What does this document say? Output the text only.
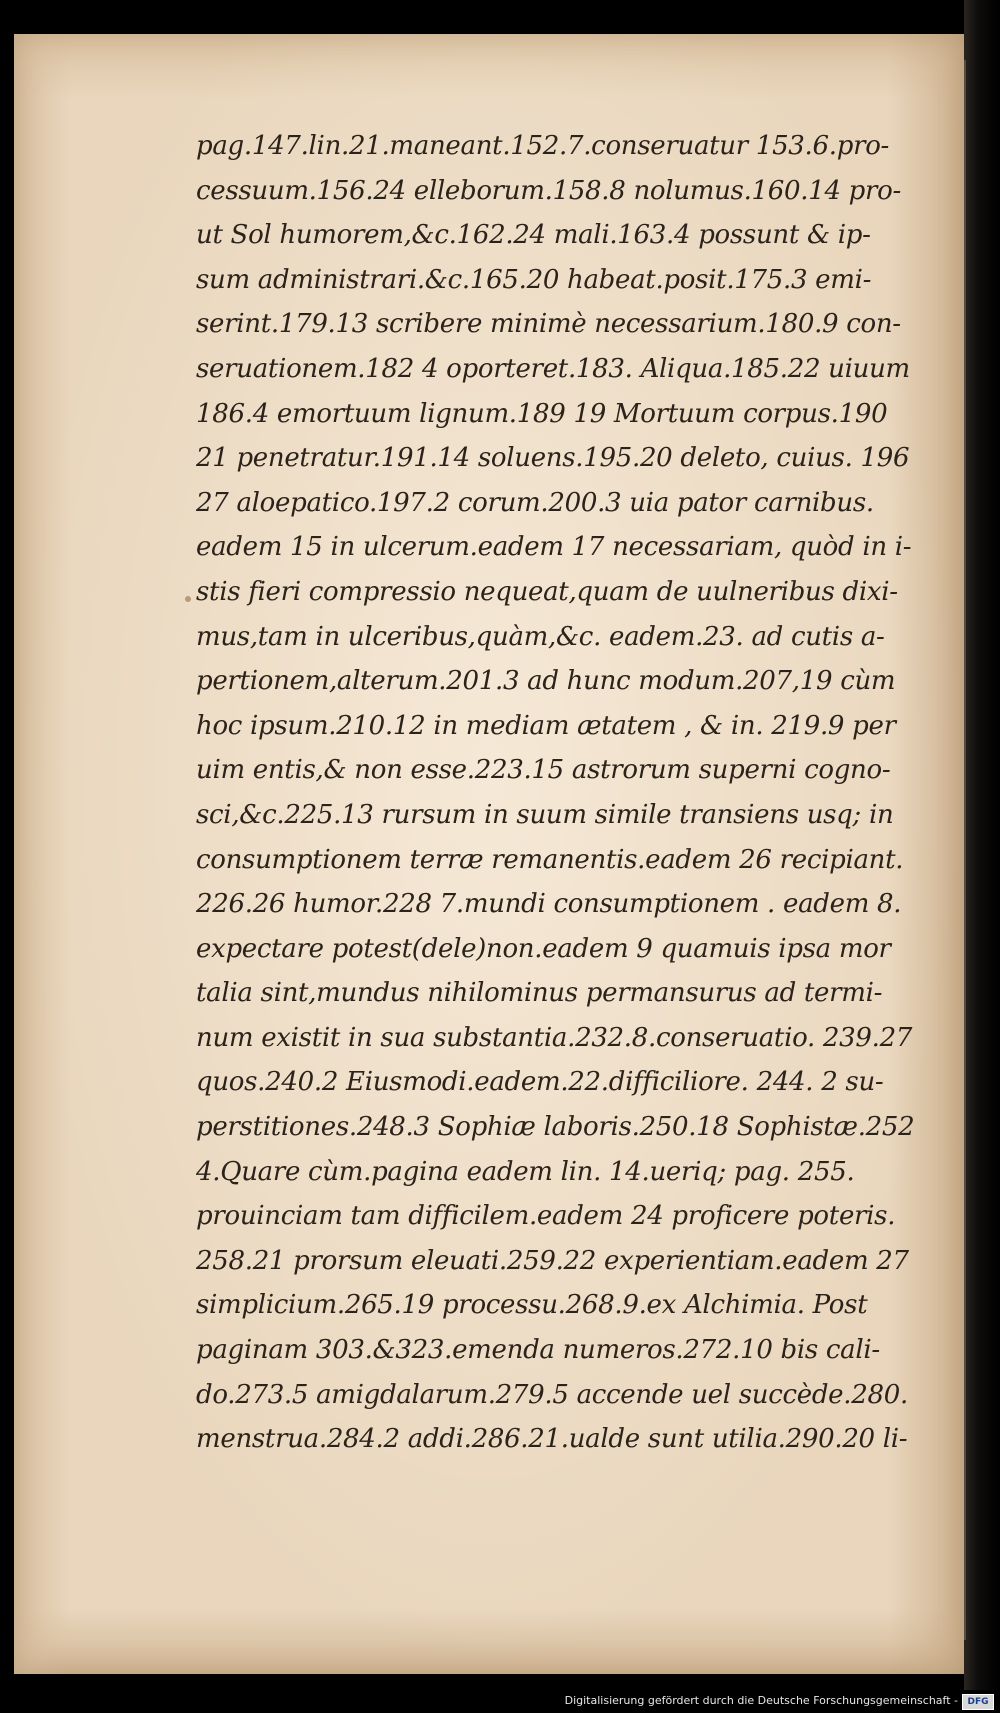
pag.147.lin.21.maneant.152.7.conseruatur 153.6.pro-
cessuum.156.24 elleborum.158.8 nolumus.160.14 pro-
ut Sol humorem,&c.162.24 mali.163.4 possunt & ip-
sum administrari.&c.165.20 habeat.posit.175.3 emi-
serint.179.13 scribere minimè necessarium.180.9 con-
seruationem.182 4 oporteret.183. Aliqua.185.22 uiuum
186.4 emortuum lignum.189 19 Mortuum corpus.190
21 penetratur.191.14 soluens.195.20 deleto, cuius. 196
27 aloepatico.197.2 corum.200.3 uia pator carnibus.
eadem 15 in ulcerum.eadem 17 necessariam, quòd in i-
stis fieri compressio nequeat,quam de uulneribus dixi-
mus,tam in ulceribus,quàm,&c. eadem.23. ad cutis a-
pertionem,alterum.201.3 ad hunc modum.207,19 cùm
hoc ipsum.210.12 in mediam ætatem , & in. 219.9 per
uim entis,& non esse.223.15 astrorum superni cogno-
sci,&c.225.13 rursum in suum simile transiens usq; in
consumptionem terræ remanentis.eadem 26 recipiant.
226.26 humor.228 7.mundi consumptionem . eadem 8.
expectare potest(dele)non.eadem 9 quamuis ipsa mor
talia sint,mundus nihilominus permansurus ad termi-
num existit in sua substantia.232.8.conseruatio. 239.27
quos.240.2 Eiusmodi.eadem.22.difficiliore. 244. 2 su-
perstitiones.248.3 Sophiæ laboris.250.18 Sophistæ.252
4.Quare cùm.pagina eadem lin. 14.ueriq; pag. 255.
prouinciam tam difficilem.eadem 24 proficere poteris.
258.21 prorsum eleuati.259.22 experientiam.eadem 27
simplicium.265.19 processu.268.9.ex Alchimia. Post
paginam 303.&323.emenda numeros.272.10 bis cali-
do.273.5 amigdalarum.279.5 accende uel succède.280.
menstrua.284.2 addi.286.21.ualde sunt utilia.290.20 li-
Digitalisierung gefördert durch die Deutsche Forschungsgemeinschaft -	DFG
